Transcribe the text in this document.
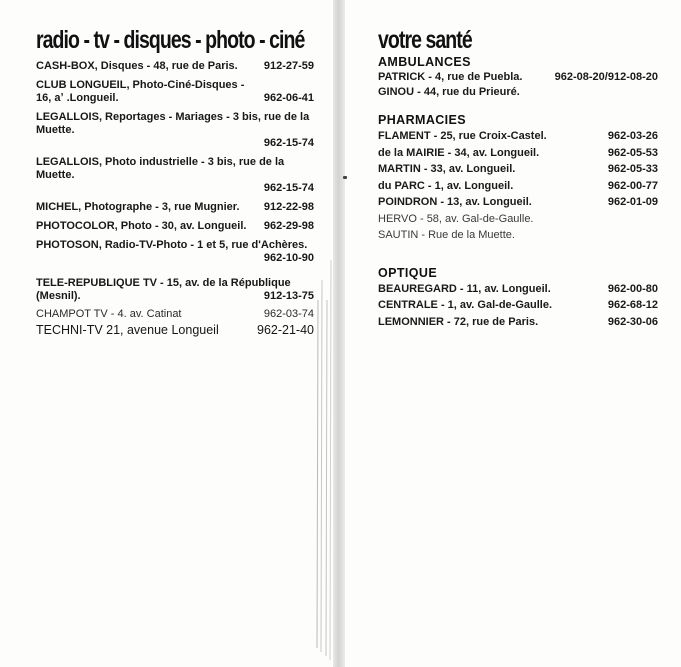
radio - tv - disques - photo - ciné
CASH-BOX, Disques - 48, rue de Paris. 912-27-59
CLUB LONGUEIL, Photo-Ciné-Disques -
16, aʼ .Longueil.	962-06-41
LEGALLOIS, Reportages - Mariages - 3 bis, rue de la
Muette.
962-15-74
LEGALLOIS, Photo industrielle - 3 bis, rue de la
Muette.
962-15-74
MICHEL, Photographe - 3, rue Mugnier. 912-22-98
PHOTOCOLOR, Photo - 30, av. Longueil. 962-29-98
PHOTOSON, Radio-TV-Photo - 1 et 5, rue d'Achères.
962-10-90
TELE-REPUBLIQUE TV - 15, av. de la République
(Mesnil).	912-13-75
CHAMPOT TV - 4. av. Catinat	962-03-74
TECHNI-TV 21, avenue Longueil	962-21-40
votre santé
AMBULANCES
PATRICK - 4, rue de Puebla.	962-08-20/912-08-20
GINOU - 44, rue du Prieuré.
PHARMACIES
FLAMENT - 25, rue Croix-Castel.	962-03-26
de la MAIRIE - 34, av. Longueil.	962-05-53
MARTIN - 33, av. Longueil.	962-05-33
du PARC - 1, av. Longueil.	962-00-77
POINDRON - 13, av. Longueil.	962-01-09
HERVO - 58, av. Gal-de-Gaulle.
SAUTIN - Rue de la Muette.
OPTIQUE
BEAUREGARD - 11, av. Longueil.	962-00-80
CENTRALE - 1, av. Gal-de-Gaulle.	962-68-12
LEMONNIER - 72, rue de Paris.	962-30-06
